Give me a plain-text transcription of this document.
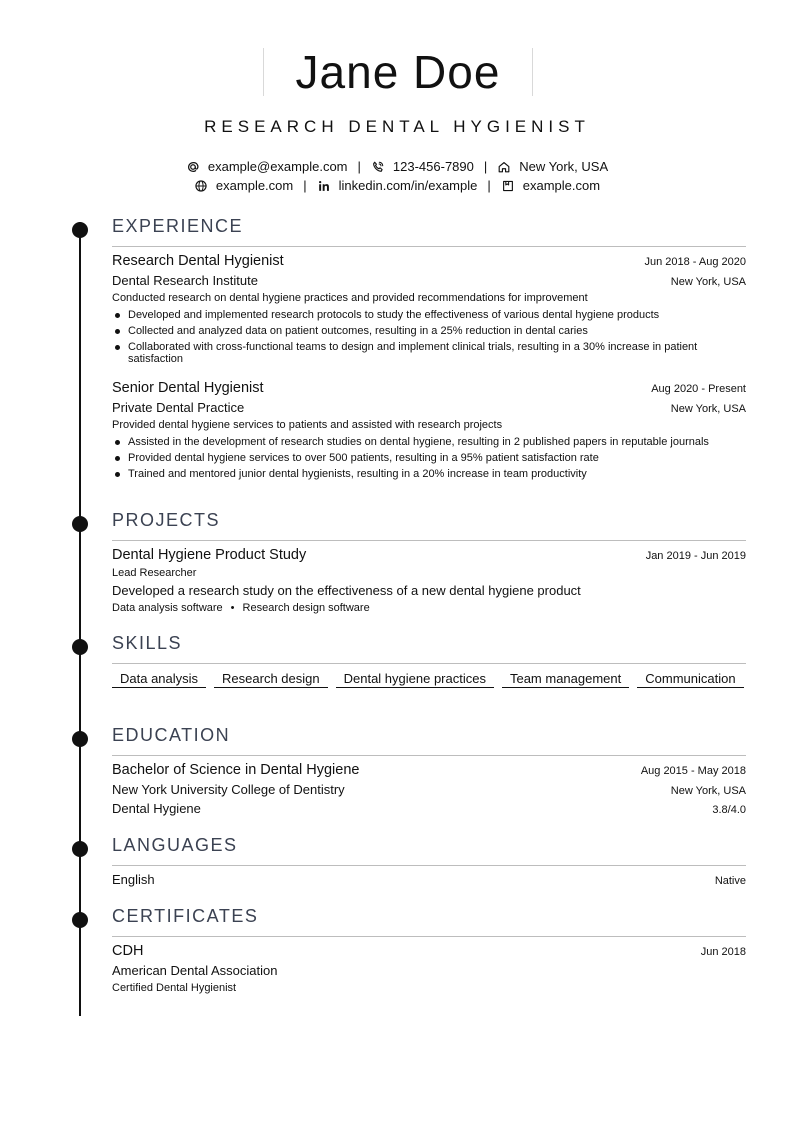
Jane Doe
RESEARCH DENTAL HYGIENIST
example@example.com | 123-456-7890 | New York, USA
example.com | linkedin.com/in/example | example.com
EXPERIENCE
Research Dental Hygienist	Jun 2018 - Aug 2020
Dental Research Institute	New York, USA
Conducted research on dental hygiene practices and provided recommendations for improvement
Developed and implemented research protocols to study the effectiveness of various dental hygiene products
Collected and analyzed data on patient outcomes, resulting in a 25% reduction in dental caries
Collaborated with cross-functional teams to design and implement clinical trials, resulting in a 30% increase in patient satisfaction
Senior Dental Hygienist	Aug 2020 - Present
Private Dental Practice	New York, USA
Provided dental hygiene services to patients and assisted with research projects
Assisted in the development of research studies on dental hygiene, resulting in 2 published papers in reputable journals
Provided dental hygiene services to over 500 patients, resulting in a 95% patient satisfaction rate
Trained and mentored junior dental hygienists, resulting in a 20% increase in team productivity
PROJECTS
Dental Hygiene Product Study	Jan 2019 - Jun 2019
Lead Researcher
Developed a research study on the effectiveness of a new dental hygiene product
Data analysis software • Research design software
SKILLS
Data analysis	Research design	Dental hygiene practices	Team management	Communication
EDUCATION
Bachelor of Science in Dental Hygiene	Aug 2015 - May 2018
New York University College of Dentistry	New York, USA
Dental Hygiene	3.8/4.0
LANGUAGES
English	Native
CERTIFICATES
CDH	Jun 2018
American Dental Association
Certified Dental Hygienist
